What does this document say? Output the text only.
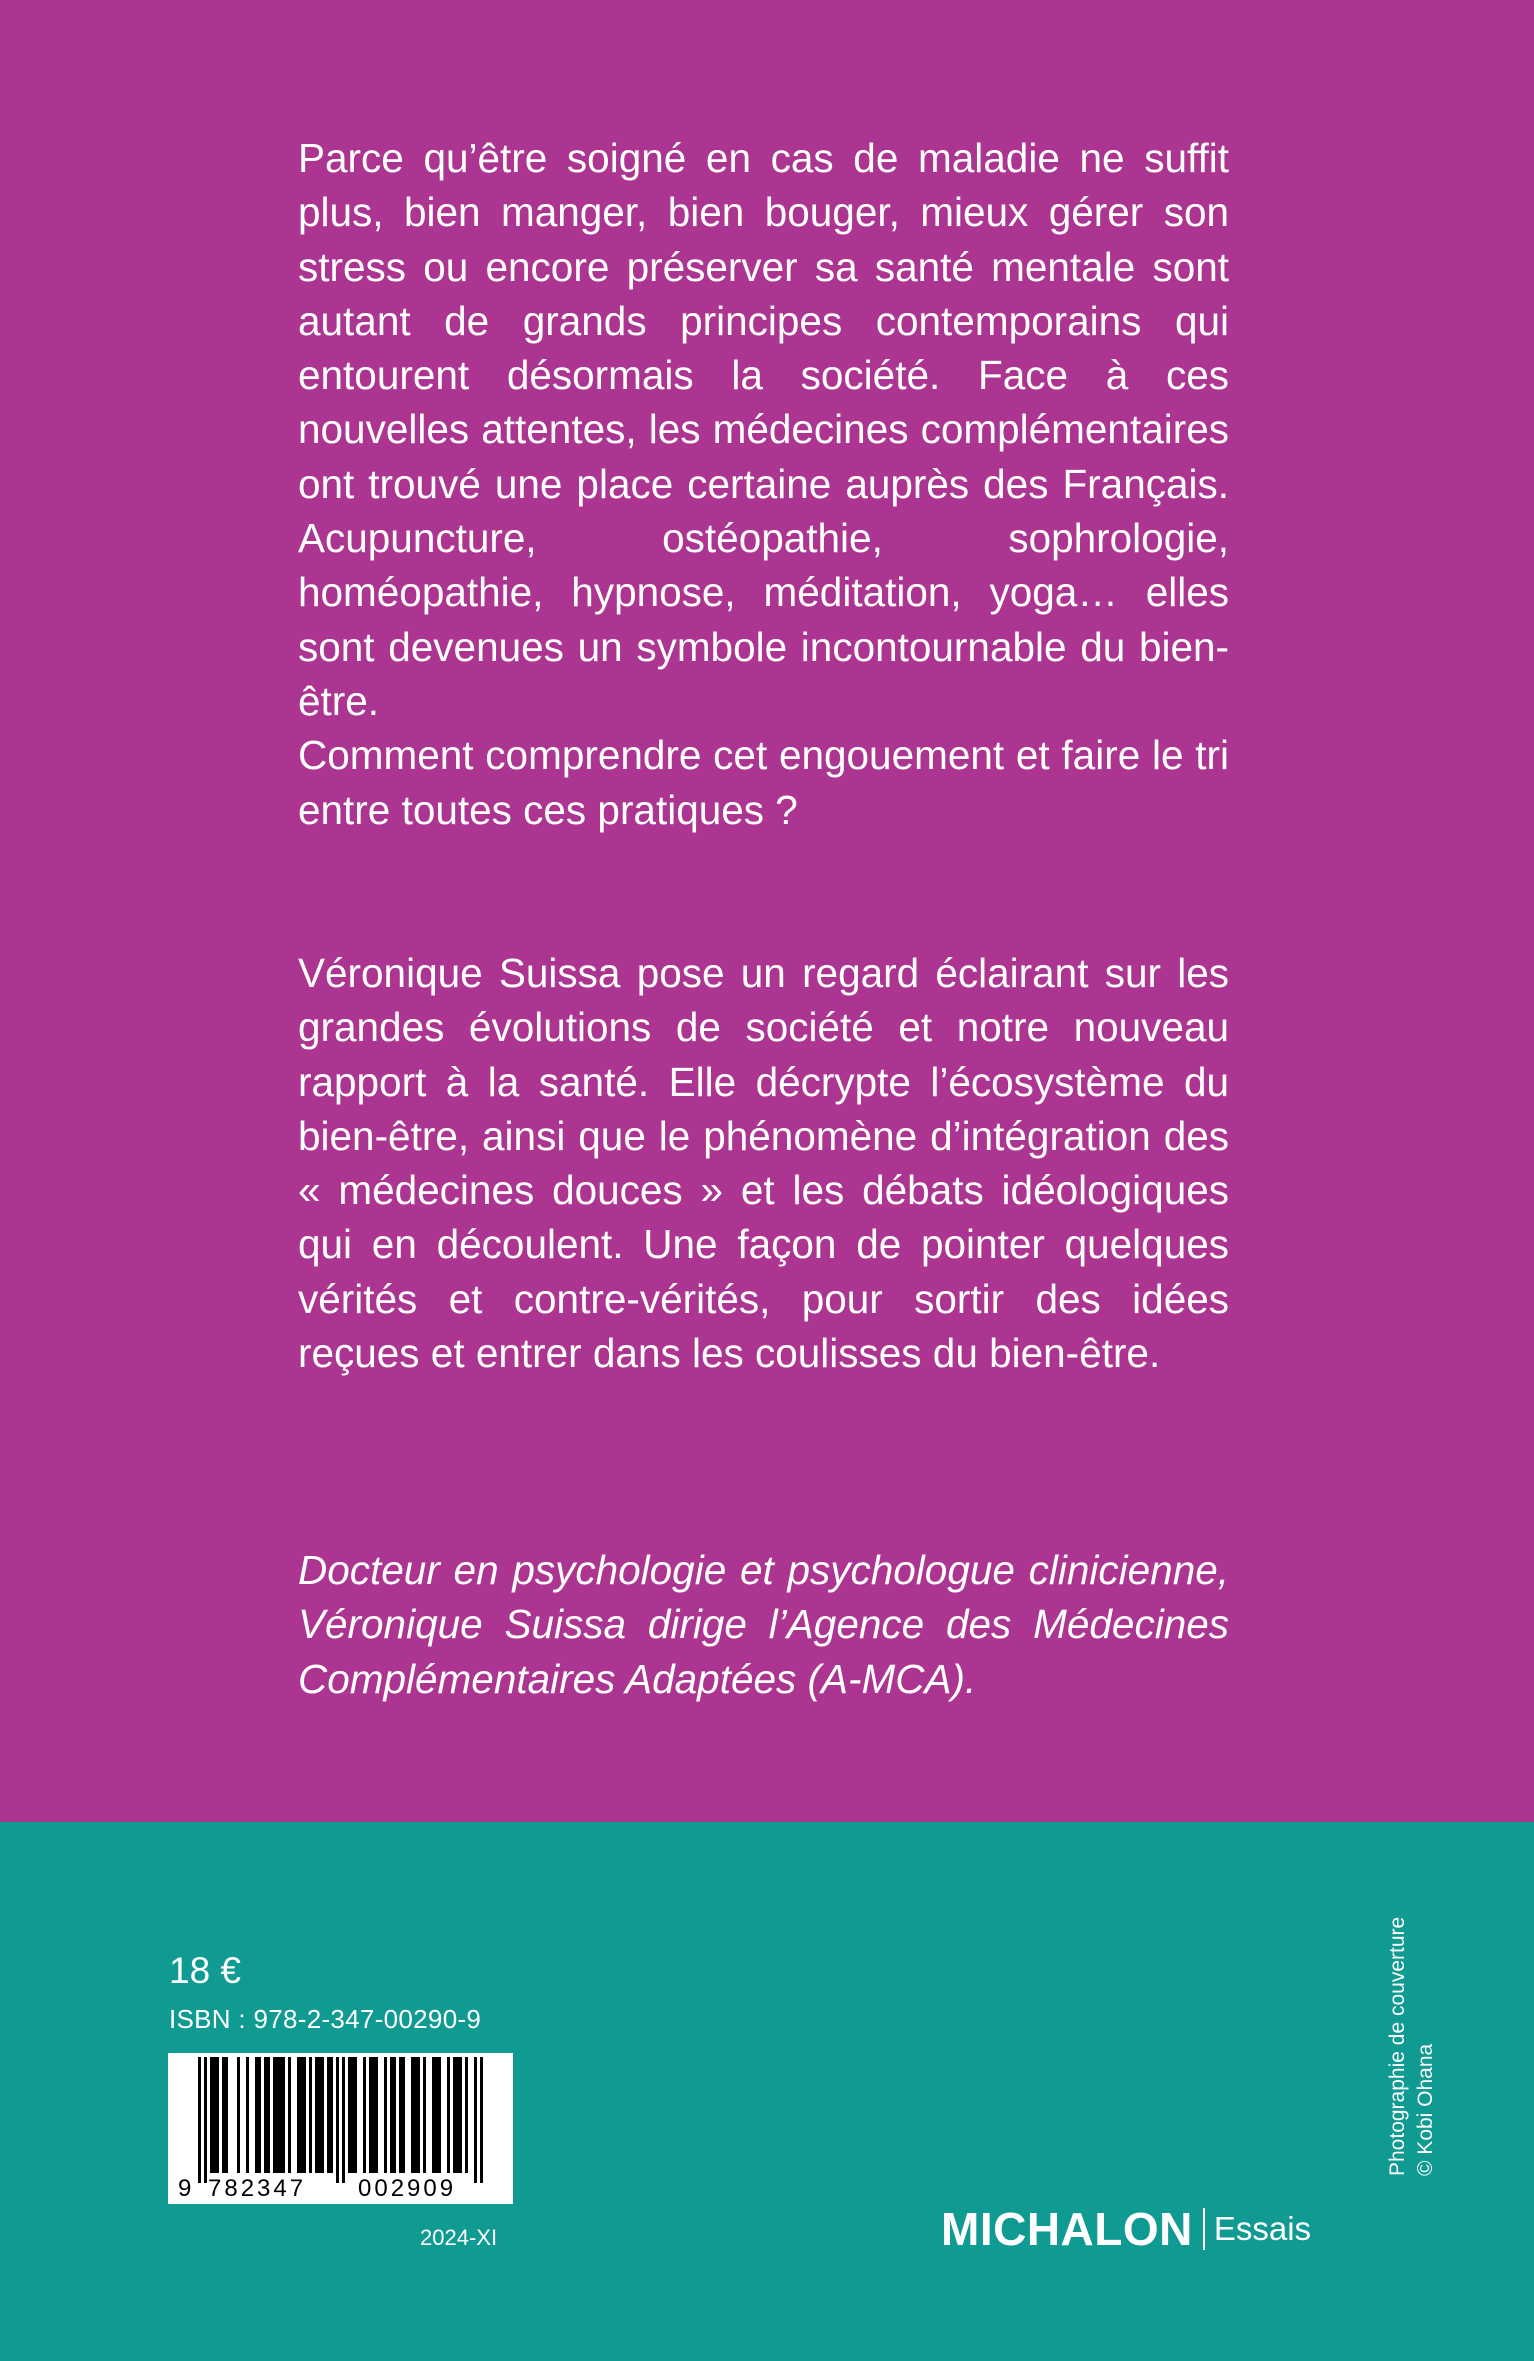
Parce qu’être soigné en cas de maladie ne suffit plus, bien manger, bien bouger, mieux gérer son stress ou encore préserver sa santé mentale sont autant de grands principes contemporains qui entourent désormais la société. Face à ces nouvelles attentes, les médecines complémentaires ont trouvé une place certaine auprès des Français. Acupuncture, ostéopathie, sophrologie, homéopathie, hypnose, méditation, yoga… elles sont devenues un symbole incontournable du bien-être.

Comment comprendre cet engouement et faire le tri entre toutes ces pratiques ?

Véronique Suissa pose un regard éclairant sur les grandes évolutions de société et notre nouveau rapport à la santé. Elle décrypte l’écosystème du bien-être, ainsi que le phénomène d’intégration des « médecines douces » et les débats idéologiques qui en découlent. Une façon de pointer quelques vérités et contre-vérités, pour sortir des idées reçues et entrer dans les coulisses du bien-être.

Docteur en psychologie et psychologue clinicienne, Véronique Suissa dirige l’Agence des Médecines Complémentaires Adaptées (A-MCA).

18 €
ISBN : 978-2-347-00290-9
9 782347 002909
2024-XI	MICHALON Essais
Photographie de couverture © Kobi Ohana
